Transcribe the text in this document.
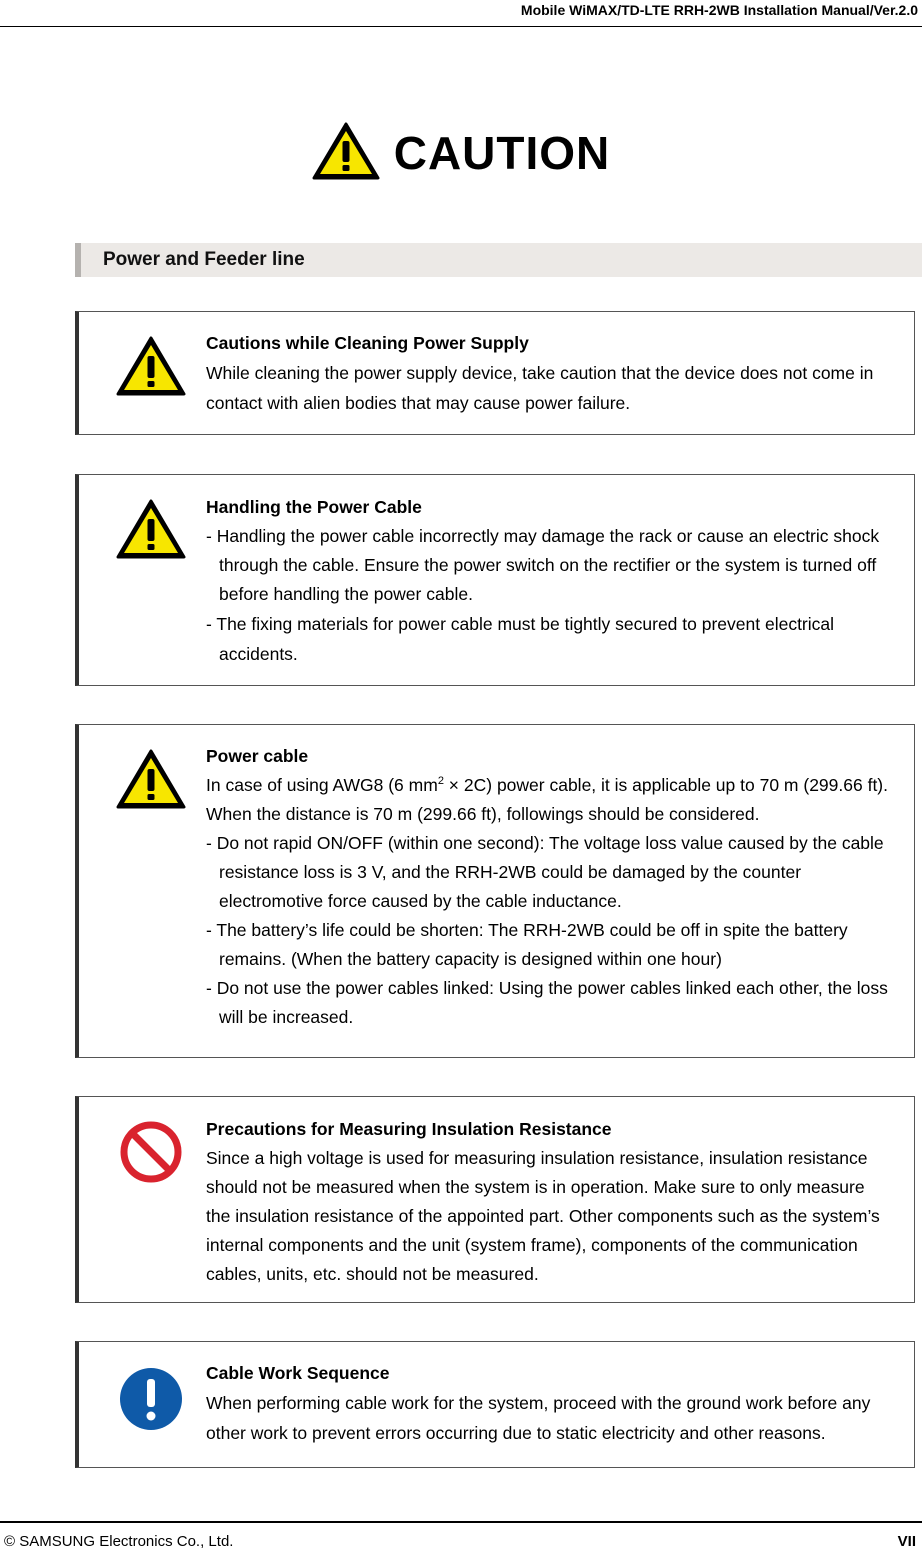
Mobile WiMAX/TD-LTE RRH-2WB Installation Manual/Ver.2.0
CAUTION
Power and Feeder line

Cautions while Cleaning Power Supply

While cleaning the power supply device, take caution that the device does not come in contact with alien bodies that may cause power failure.

Handling the Power Cable

- Handling the power cable incorrectly may damage the rack or cause an electric shock through the cable. Ensure the power switch on the rectifier or the system is turned off before handling the power cable.

- The fixing materials for power cable must be tightly secured to prevent electrical accidents.

Power cable

In case of using AWG8 (6 $mm^2 \times 2C$) power cable, it is applicable up to 70 m (299.66 ft). When the distance is 70 m (299.66 ft), followings should be considered.

- Do not rapid ON/OFF (within one second): The voltage loss value caused by the cable resistance loss is 3 V, and the RRH-2WB could be damaged by the counter electromotive force caused by the cable inductance.

- The battery’s life could be shorten: The RRH-2WB could be off in spite the battery remains. (When the battery capacity is designed within one hour)

- Do not use the power cables linked: Using the power cables linked each other, the loss will be increased.

Precautions for Measuring Insulation Resistance

Since a high voltage is used for measuring insulation resistance, insulation resistance should not be measured when the system is in operation. Make sure to only measure the insulation resistance of the appointed part. Other components such as the system’s internal components and the unit (system frame), components of the communication cables, units, etc. should not be measured.

Cable Work Sequence

When performing cable work for the system, proceed with the ground work before any other work to prevent errors occurring due to static electricity and other reasons.

© SAMSUNG Electronics Co., Ltd.	VII
